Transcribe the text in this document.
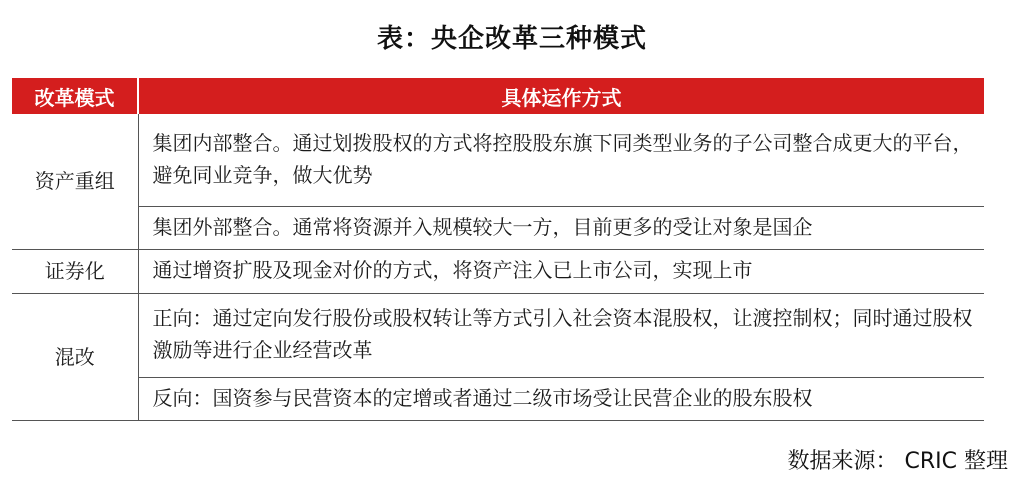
表：央企改革三种模式
改革模式	具体运作方式
资产重组	集团内部整合。通过划拨股权的方式将控股股东旗下同类型业务的子公司整合成更大的平台，避免同业竞争，做大优势
	集团外部整合。通常将资源并入规模较大一方，目前更多的受让对象是国企
证券化	通过增资扩股及现金对价的方式，将资产注入已上市公司，实现上市
混改	正向：通过定向发行股份或股权转让等方式引入社会资本混股权，让渡控制权；同时通过股权激励等进行企业经营改革
	反向：国资参与民营资本的定增或者通过二级市场受让民营企业的股东股权
数据来源： CRIC 整理
